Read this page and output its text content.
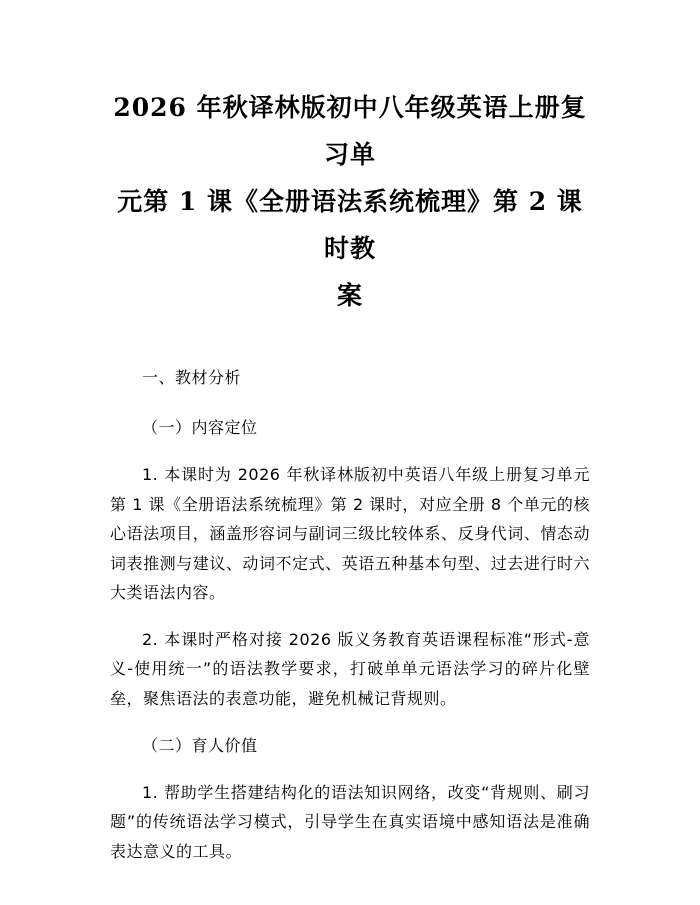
2026 年秋译林版初中八年级英语上册复习单
元第 1 课《全册语法系统梳理》第 2 课时教
案

一、教材分析

（一）内容定位

1. 本课时为 2026 年秋译林版初中英语八年级上册复习单元第 1 课《全册语法系统梳理》第 2 课时，对应全册 8 个单元的核心语法项目，涵盖形容词与副词三级比较体系、反身代词、情态动词表推测与建议、动词不定式、英语五种基本句型、过去进行时六大类语法内容。

2. 本课时严格对接 2026 版义务教育英语课程标准“形式-意义-使用统一”的语法教学要求，打破单单元语法学习的碎片化壁垒，聚焦语法的表意功能，避免机械记背规则。

（二）育人价值

1. 帮助学生搭建结构化的语法知识网络，改变“背规则、刷习题”的传统语法学习模式，引导学生在真实语境中感知语法是准确表达意义的工具。
